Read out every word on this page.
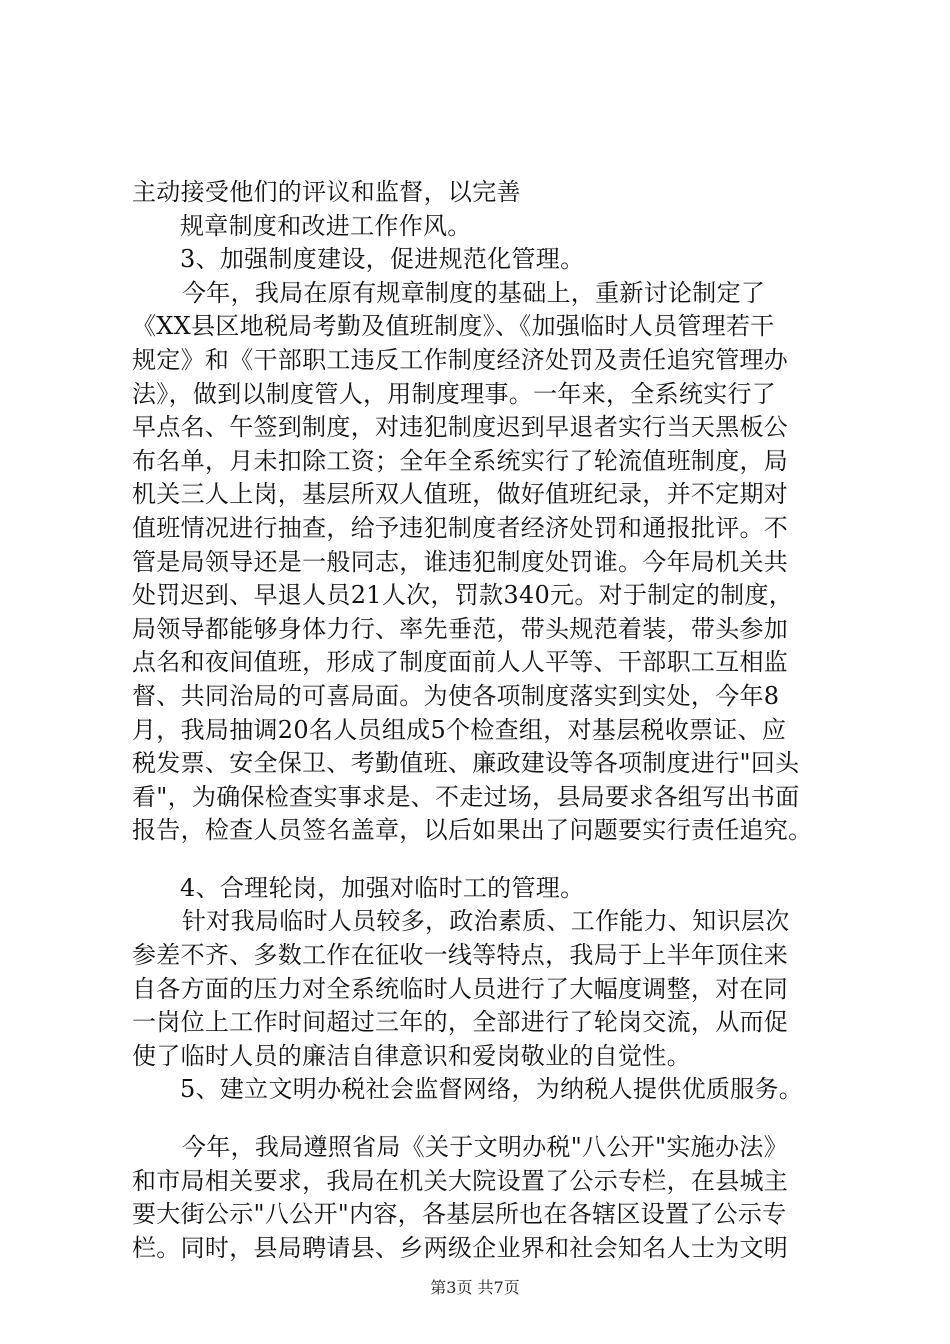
主动接受他们的评议和监督，以完善
规章制度和改进工作作风。
3、加强制度建设，促进规范化管理。
今年，我局在原有规章制度的基础上，重新讨论制定了
《XX县区地税局考勤及值班制度》、《加强临时人员管理若干
规定》和《干部职工违反工作制度经济处罚及责任追究管理办
法》，做到以制度管人，用制度理事。一年来，全系统实行了
早点名、午签到制度，对违犯制度迟到早退者实行当天黑板公
布名单，月未扣除工资；全年全系统实行了轮流值班制度，局
机关三人上岗，基层所双人值班，做好值班纪录，并不定期对
值班情况进行抽查，给予违犯制度者经济处罚和通报批评。不
管是局领导还是一般同志，谁违犯制度处罚谁。今年局机关共
处罚迟到、早退人员21人次，罚款340元。对于制定的制度，
局领导都能够身体力行、率先垂范，带头规范着装，带头参加
点名和夜间值班，形成了制度面前人人平等、干部职工互相监
督、共同治局的可喜局面。为使各项制度落实到实处，今年8
月，我局抽调20名人员组成5个检查组，对基层税收票证、应
税发票、安全保卫、考勤值班、廉政建设等各项制度进行"回头
看"，为确保检查实事求是、不走过场，县局要求各组写出书面
报告，检查人员签名盖章，以后如果出了问题要实行责任追究。
4、合理轮岗，加强对临时工的管理。
针对我局临时人员较多，政治素质、工作能力、知识层次
参差不齐、多数工作在征收一线等特点，我局于上半年顶住来
自各方面的压力对全系统临时人员进行了大幅度调整，对在同
一岗位上工作时间超过三年的，全部进行了轮岗交流，从而促
使了临时人员的廉洁自律意识和爱岗敬业的自觉性。
5、建立文明办税社会监督网络，为纳税人提供优质服务。
今年，我局遵照省局《关于文明办税"八公开"实施办法》
和市局相关要求，我局在机关大院设置了公示专栏，在县城主
要大街公示"八公开"内容，各基层所也在各辖区设置了公示专
栏。同时，县局聘请县、乡两级企业界和社会知名人士为文明
第3页 共7页
